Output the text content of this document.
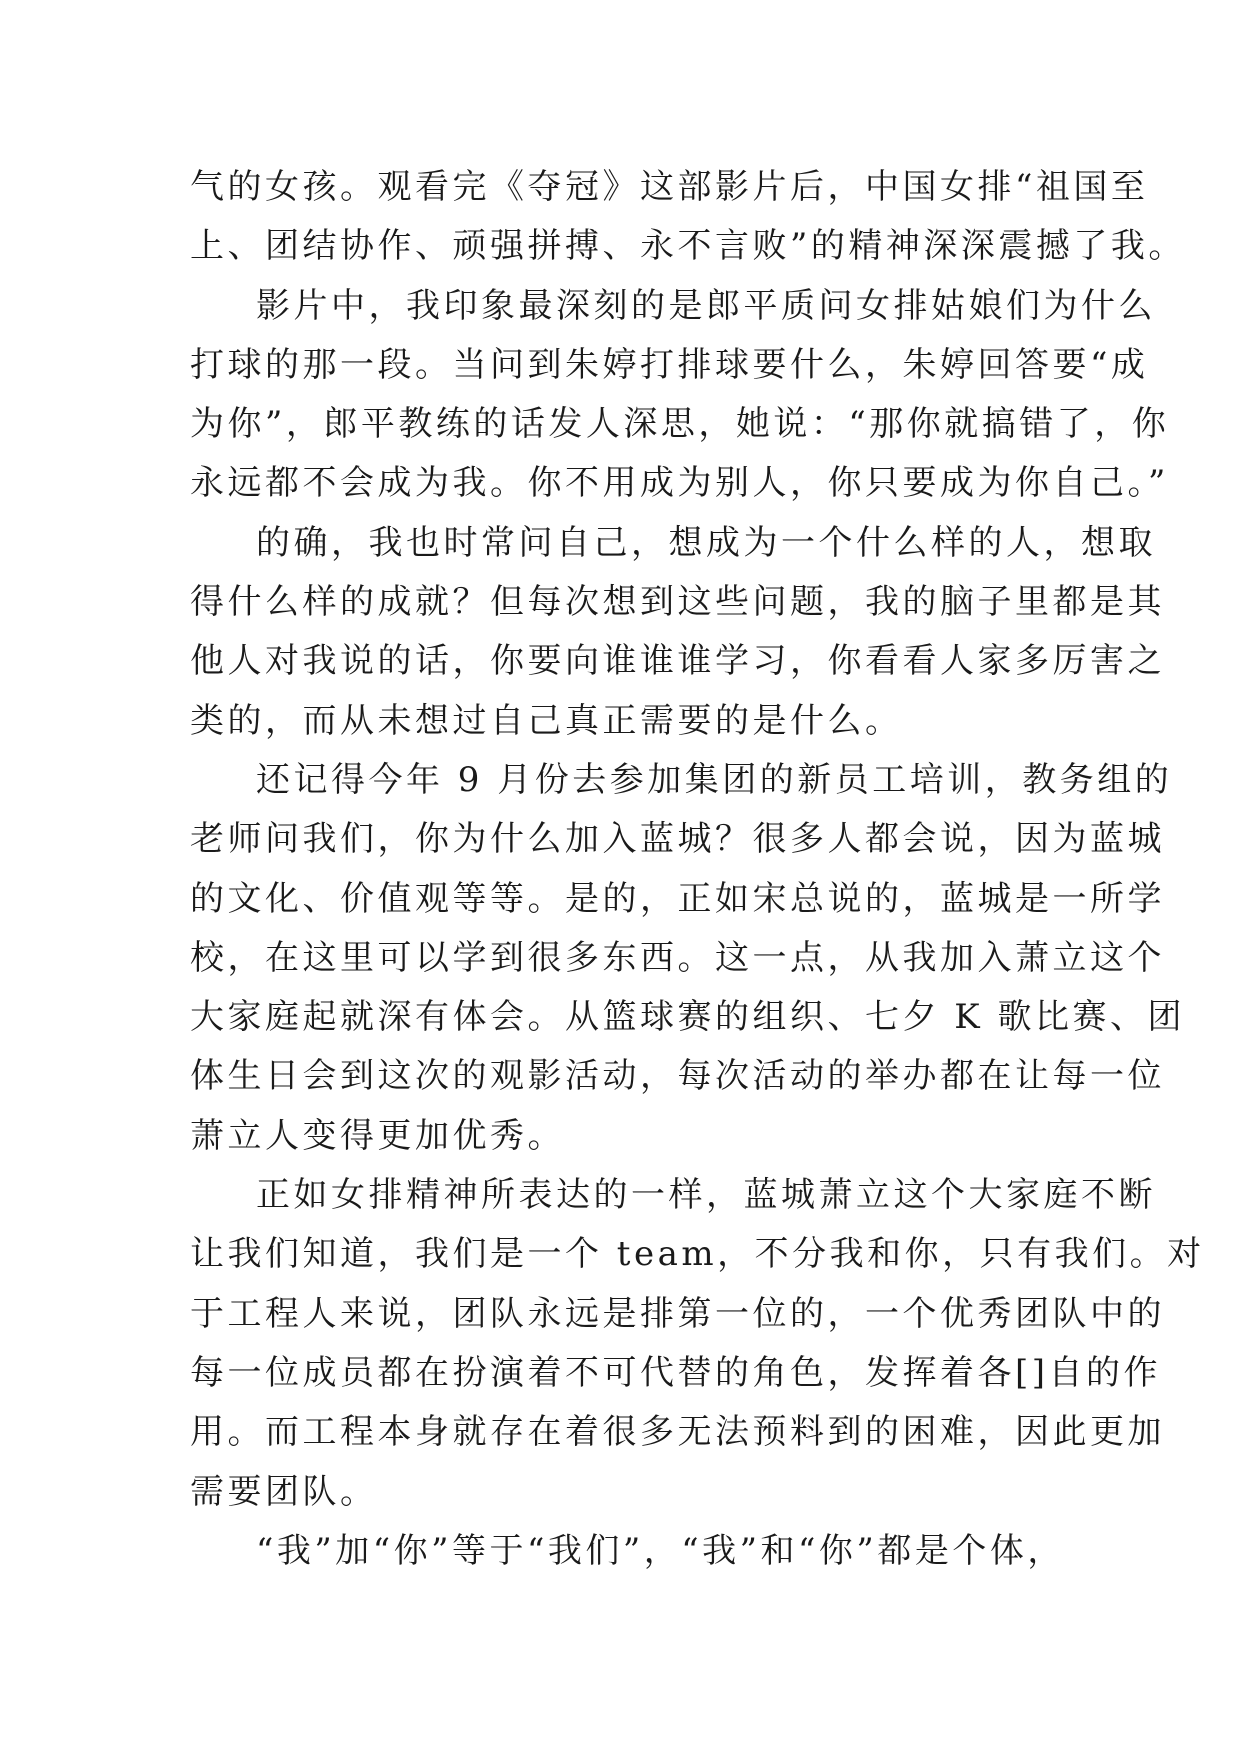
气的女孩。观看完《夺冠》这部影片后，中国女排“祖国至
上、团结协作、顽强拼搏、永不言败”的精神深深震撼了我。
影片中，我印象最深刻的是郎平质问女排姑娘们为什么
打球的那一段。当问到朱婷打排球要什么，朱婷回答要“成
为你”，郎平教练的话发人深思，她说：“那你就搞错了，你
永远都不会成为我。你不用成为别人，你只要成为你自己。”
的确，我也时常问自己，想成为一个什么样的人，想取
得什么样的成就？但每次想到这些问题，我的脑子里都是其
他人对我说的话，你要向谁谁谁学习，你看看人家多厉害之
类的，而从未想过自己真正需要的是什么。
还记得今年 9 月份去参加集团的新员工培训，教务组的
老师问我们，你为什么加入蓝城？很多人都会说，因为蓝城
的文化、价值观等等。是的，正如宋总说的，蓝城是一所学
校，在这里可以学到很多东西。这一点，从我加入萧立这个
大家庭起就深有体会。从篮球赛的组织、七夕 K 歌比赛、团
体生日会到这次的观影活动，每次活动的举办都在让每一位
萧立人变得更加优秀。
正如女排精神所表达的一样，蓝城萧立这个大家庭不断
让我们知道，我们是一个 team，不分我和你，只有我们。对
于工程人来说，团队永远是排第一位的，一个优秀团队中的
每一位成员都在扮演着不可代替的角色，发挥着各[]自的作
用。而工程本身就存在着很多无法预料到的困难，因此更加
需要团队。
“我”加“你”等于“我们”，“我”和“你”都是个体，
